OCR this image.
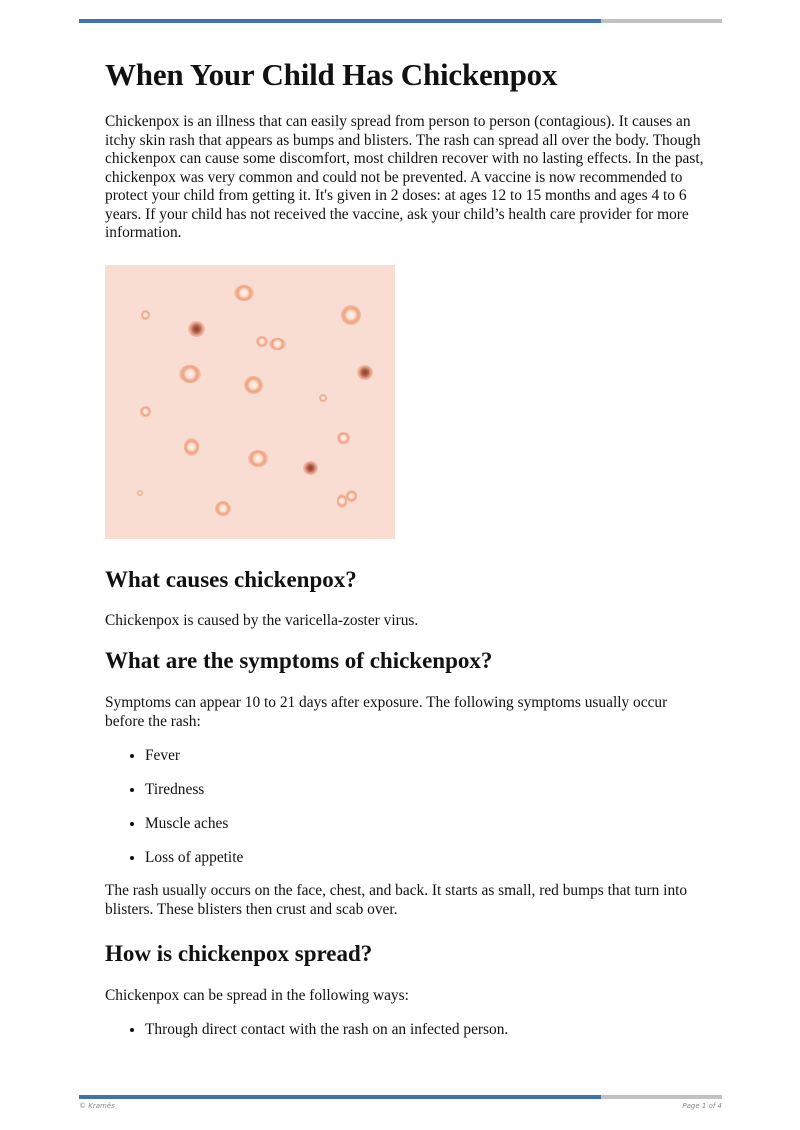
When Your Child Has Chickenpox

Chickenpox is an illness that can easily spread from person to person (contagious). It causes an itchy skin rash that appears as bumps and blisters. The rash can spread all over the body. Though chickenpox can cause some discomfort, most children recover with no lasting effects. In the past, chickenpox was very common and could not be prevented. A vaccine is now recommended to protect your child from getting it. It's given in 2 doses: at ages 12 to 15 months and ages 4 to 6 years. If your child has not received the vaccine, ask your child’s health care provider for more information.

What causes chickenpox?

Chickenpox is caused by the varicella-zoster virus.

What are the symptoms of chickenpox?

Symptoms can appear 10 to 21 days after exposure. The following symptoms usually occur before the rash:

• Fever
• Tiredness
• Muscle aches
• Loss of appetite

The rash usually occurs on the face, chest, and back. It starts as small, red bumps that turn into blisters. These blisters then crust and scab over.

How is chickenpox spread?

Chickenpox can be spread in the following ways:

• Through direct contact with the rash on an infected person.
© Kramês	Page 1 of 4
